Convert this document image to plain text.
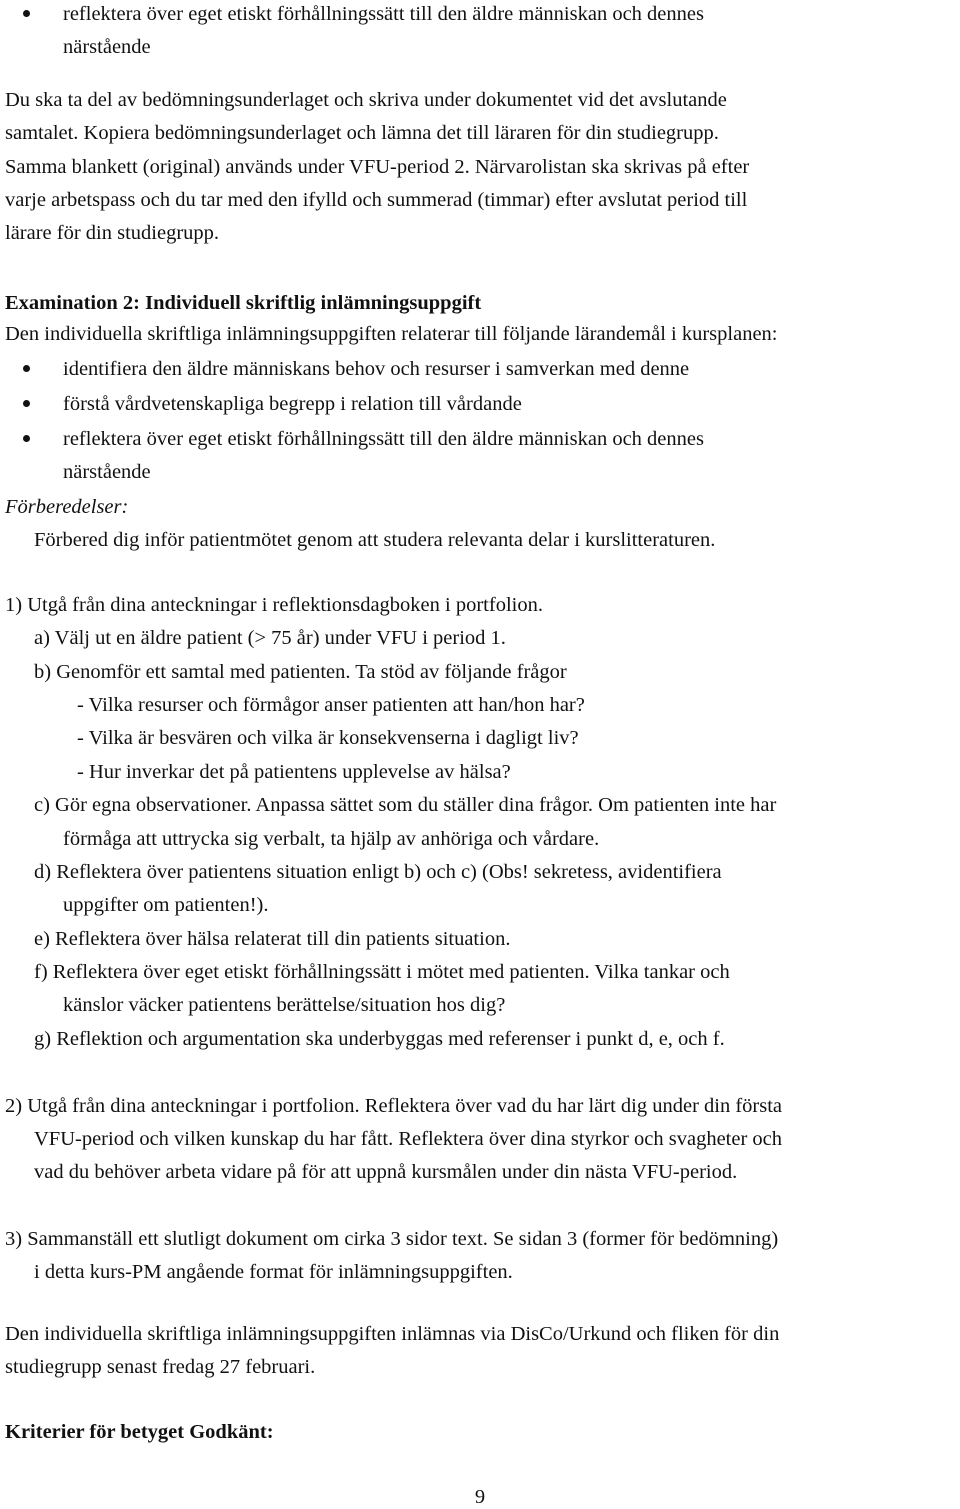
reflektera över eget etiskt förhållningssätt till den äldre människan och dennes

närstående

Du ska ta del av bedömningsunderlaget och skriva under dokumentet vid det avslutande

samtalet. Kopiera bedömningsunderlaget och lämna det till läraren för din studiegrupp.

Samma blankett (original) används under VFU-period 2. Närvarolistan ska skrivas på efter

varje arbetspass och du tar med den ifylld och summerad (timmar) efter avslutat period till

lärare för din studiegrupp.

Examination 2: Individuell skriftlig inlämningsuppgift

Den individuella skriftliga inlämningsuppgiften relaterar till följande lärandemål i kursplanen:

identifiera den äldre människans behov och resurser i samverkan med denne

förstå vårdvetenskapliga begrepp i relation till vårdande

reflektera över eget etiskt förhållningssätt till den äldre människan och dennes

närstående

Förberedelser:

Förbered dig inför patientmötet genom att studera relevanta delar i kurslitteraturen.

1) Utgå från dina anteckningar i reflektionsdagboken i portfolion.

a) Välj ut en äldre patient (> 75 år) under VFU i period 1.

b) Genomför ett samtal med patienten. Ta stöd av följande frågor

- Vilka resurser och förmågor anser patienten att han/hon har?

- Vilka är besvären och vilka är konsekvenserna i dagligt liv?

- Hur inverkar det på patientens upplevelse av hälsa?

c) Gör egna observationer. Anpassa sättet som du ställer dina frågor. Om patienten inte har

förmåga att uttrycka sig verbalt, ta hjälp av anhöriga och vårdare.

d) Reflektera över patientens situation enligt b) och c) (Obs! sekretess, avidentifiera

uppgifter om patienten!).

e) Reflektera över hälsa relaterat till din patients situation.

f) Reflektera över eget etiskt förhållningssätt i mötet med patienten. Vilka tankar och

känslor väcker patientens berättelse/situation hos dig?

g) Reflektion och argumentation ska underbyggas med referenser i punkt d, e, och f.

2) Utgå från dina anteckningar i portfolion. Reflektera över vad du har lärt dig under din första

VFU-period och vilken kunskap du har fått. Reflektera över dina styrkor och svagheter och

vad du behöver arbeta vidare på för att uppnå kursmålen under din nästa VFU-period.

3) Sammanställ ett slutligt dokument om cirka 3 sidor text. Se sidan 3 (former för bedömning)

i detta kurs-PM angående format för inlämningsuppgiften.

Den individuella skriftliga inlämningsuppgiften inlämnas via DisCo/Urkund och fliken för din

studiegrupp senast fredag 27 februari.

Kriterier för betyget Godkänt:

9
